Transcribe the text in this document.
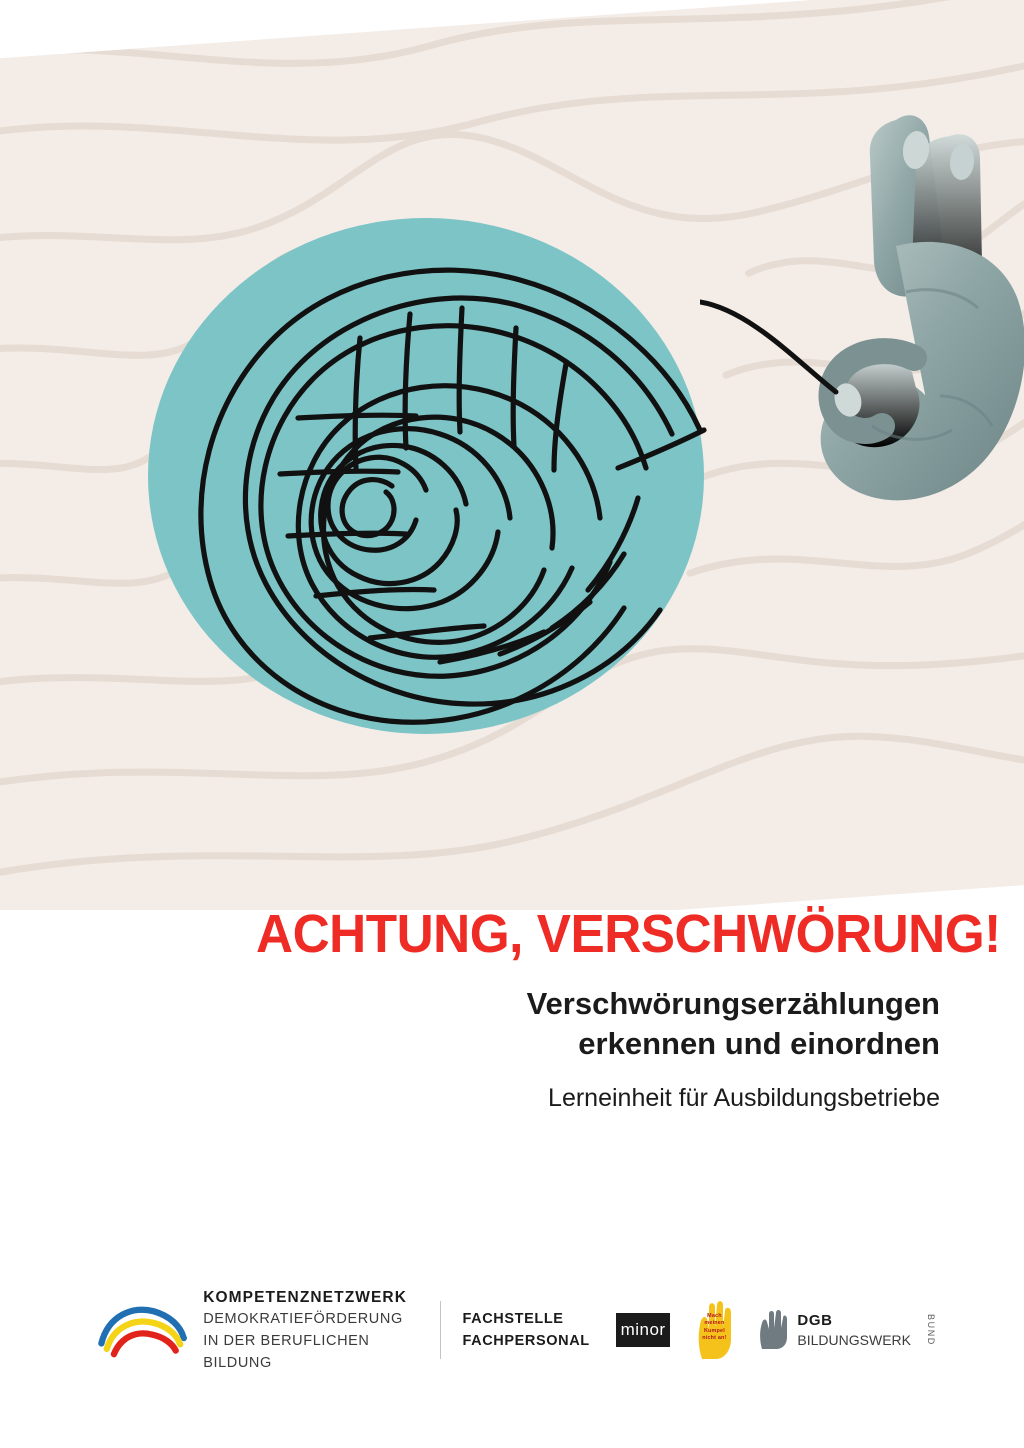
ACHTUNG, VERSCHWÖRUNG!
Verschwörungserzählungen
erkennen und einordnen

Lerneinheit für Ausbildungsbetriebe

KOMPETENZNETZWERK
DEMOKRATIEFÖRDERUNG
IN DER BERUFLICHEN BILDUNG
FACHSTELLE
FACHPERSONAL
minor
Mach meinen Kumpel nicht an!
DGB
BILDUNGSWERK BUND
